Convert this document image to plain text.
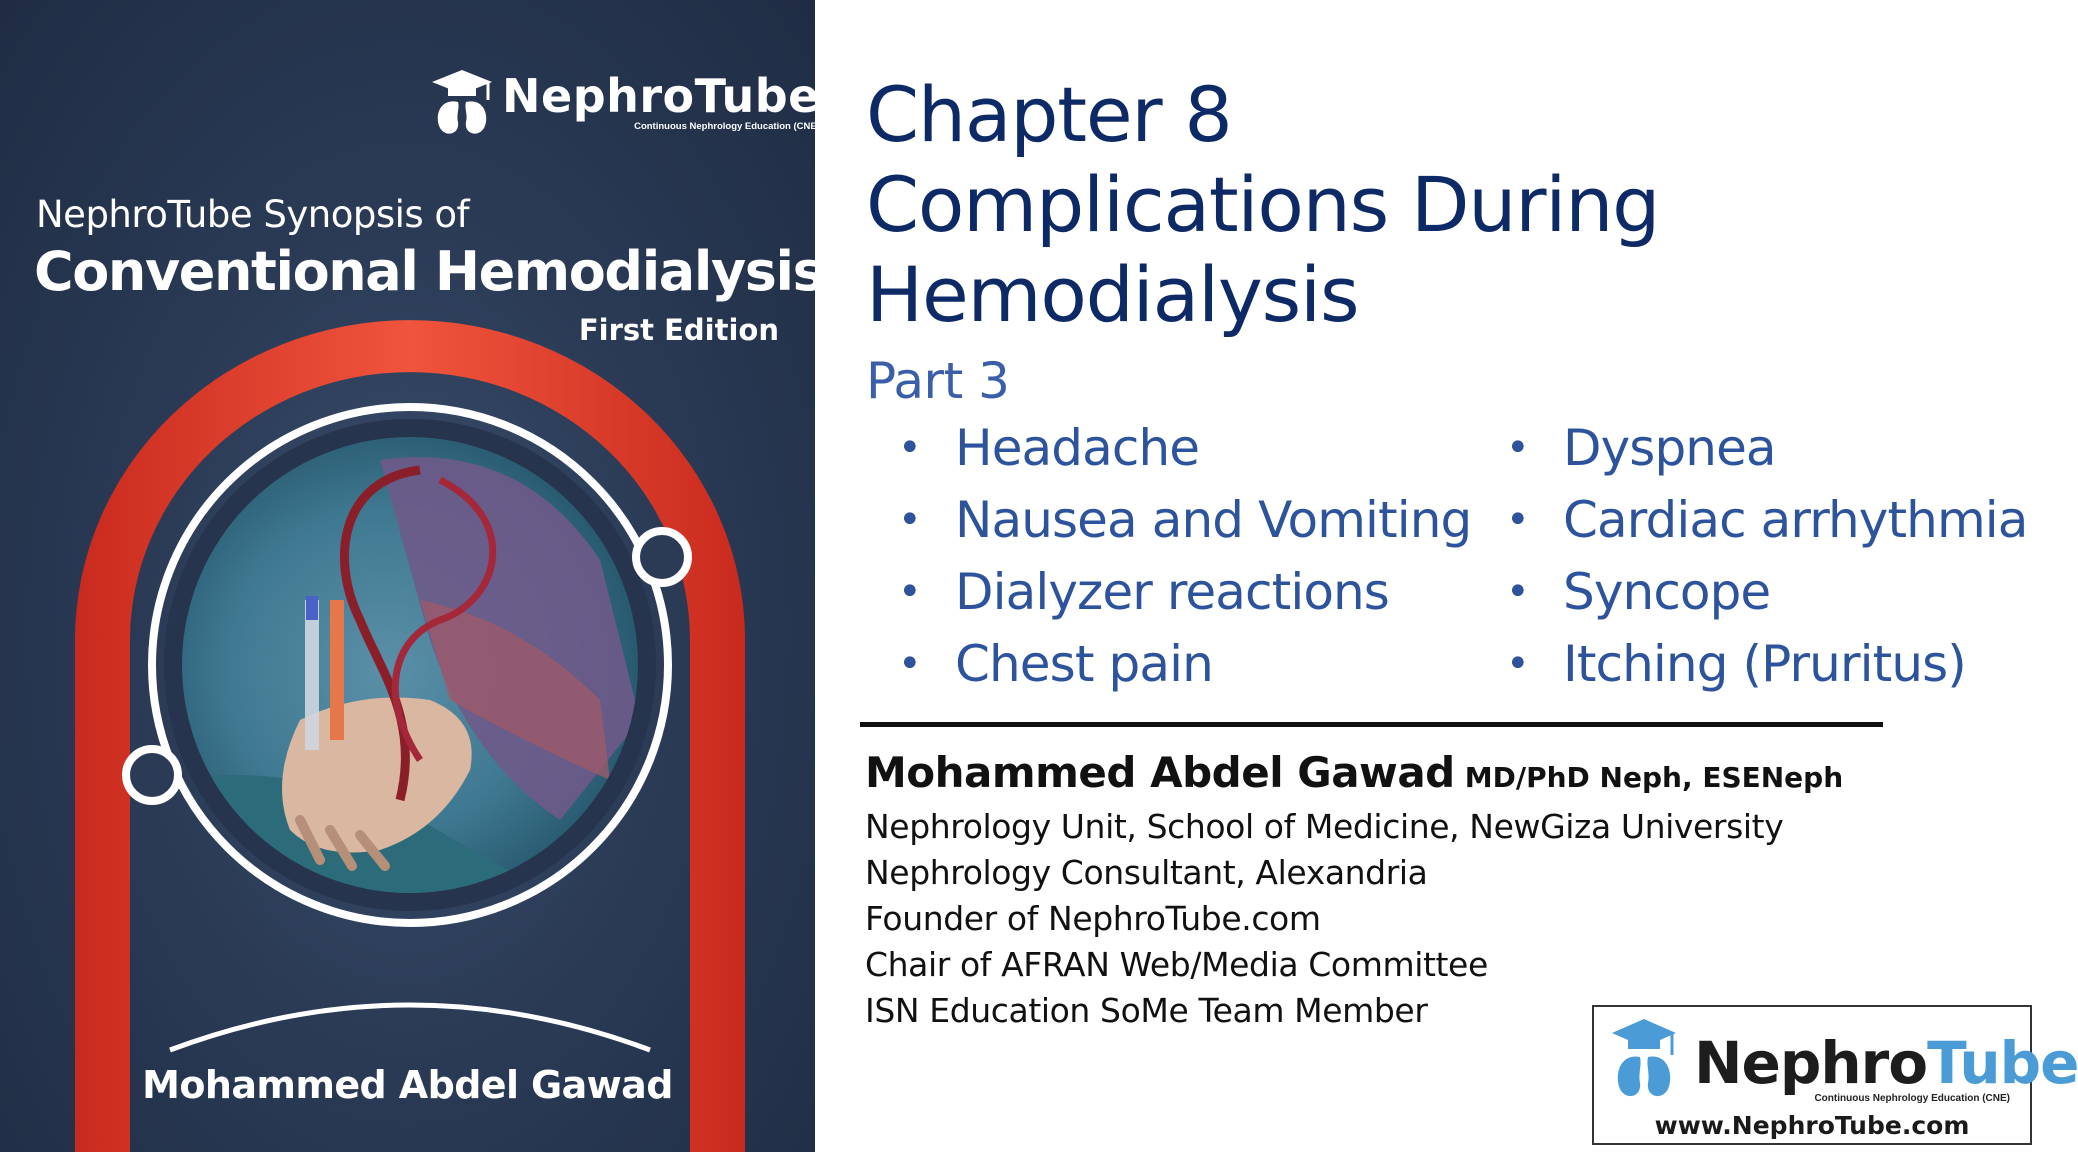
NephroTube
Continuous Nephrology Education (CNE)
NephroTube Synopsis of
Conventional Hemodialysis
First Edition
Mohammed Abdel Gawad
Chapter 8
Complications During
Hemodialysis
Part 3
• Headache
• Nausea and Vomiting
• Dialyzer reactions
• Chest pain
• Dyspnea
• Cardiac arrhythmia
• Syncope
• Itching (Pruritus)
Mohammed Abdel Gawad MD/PhD Neph, ESENeph
Nephrology Unit, School of Medicine, NewGiza University
Nephrology Consultant, Alexandria
Founder of NephroTube.com
Chair of AFRAN Web/Media Committee
ISN Education SoMe Team Member
NephroTube
Continuous Nephrology Education (CNE)
www.NephroTube.com
